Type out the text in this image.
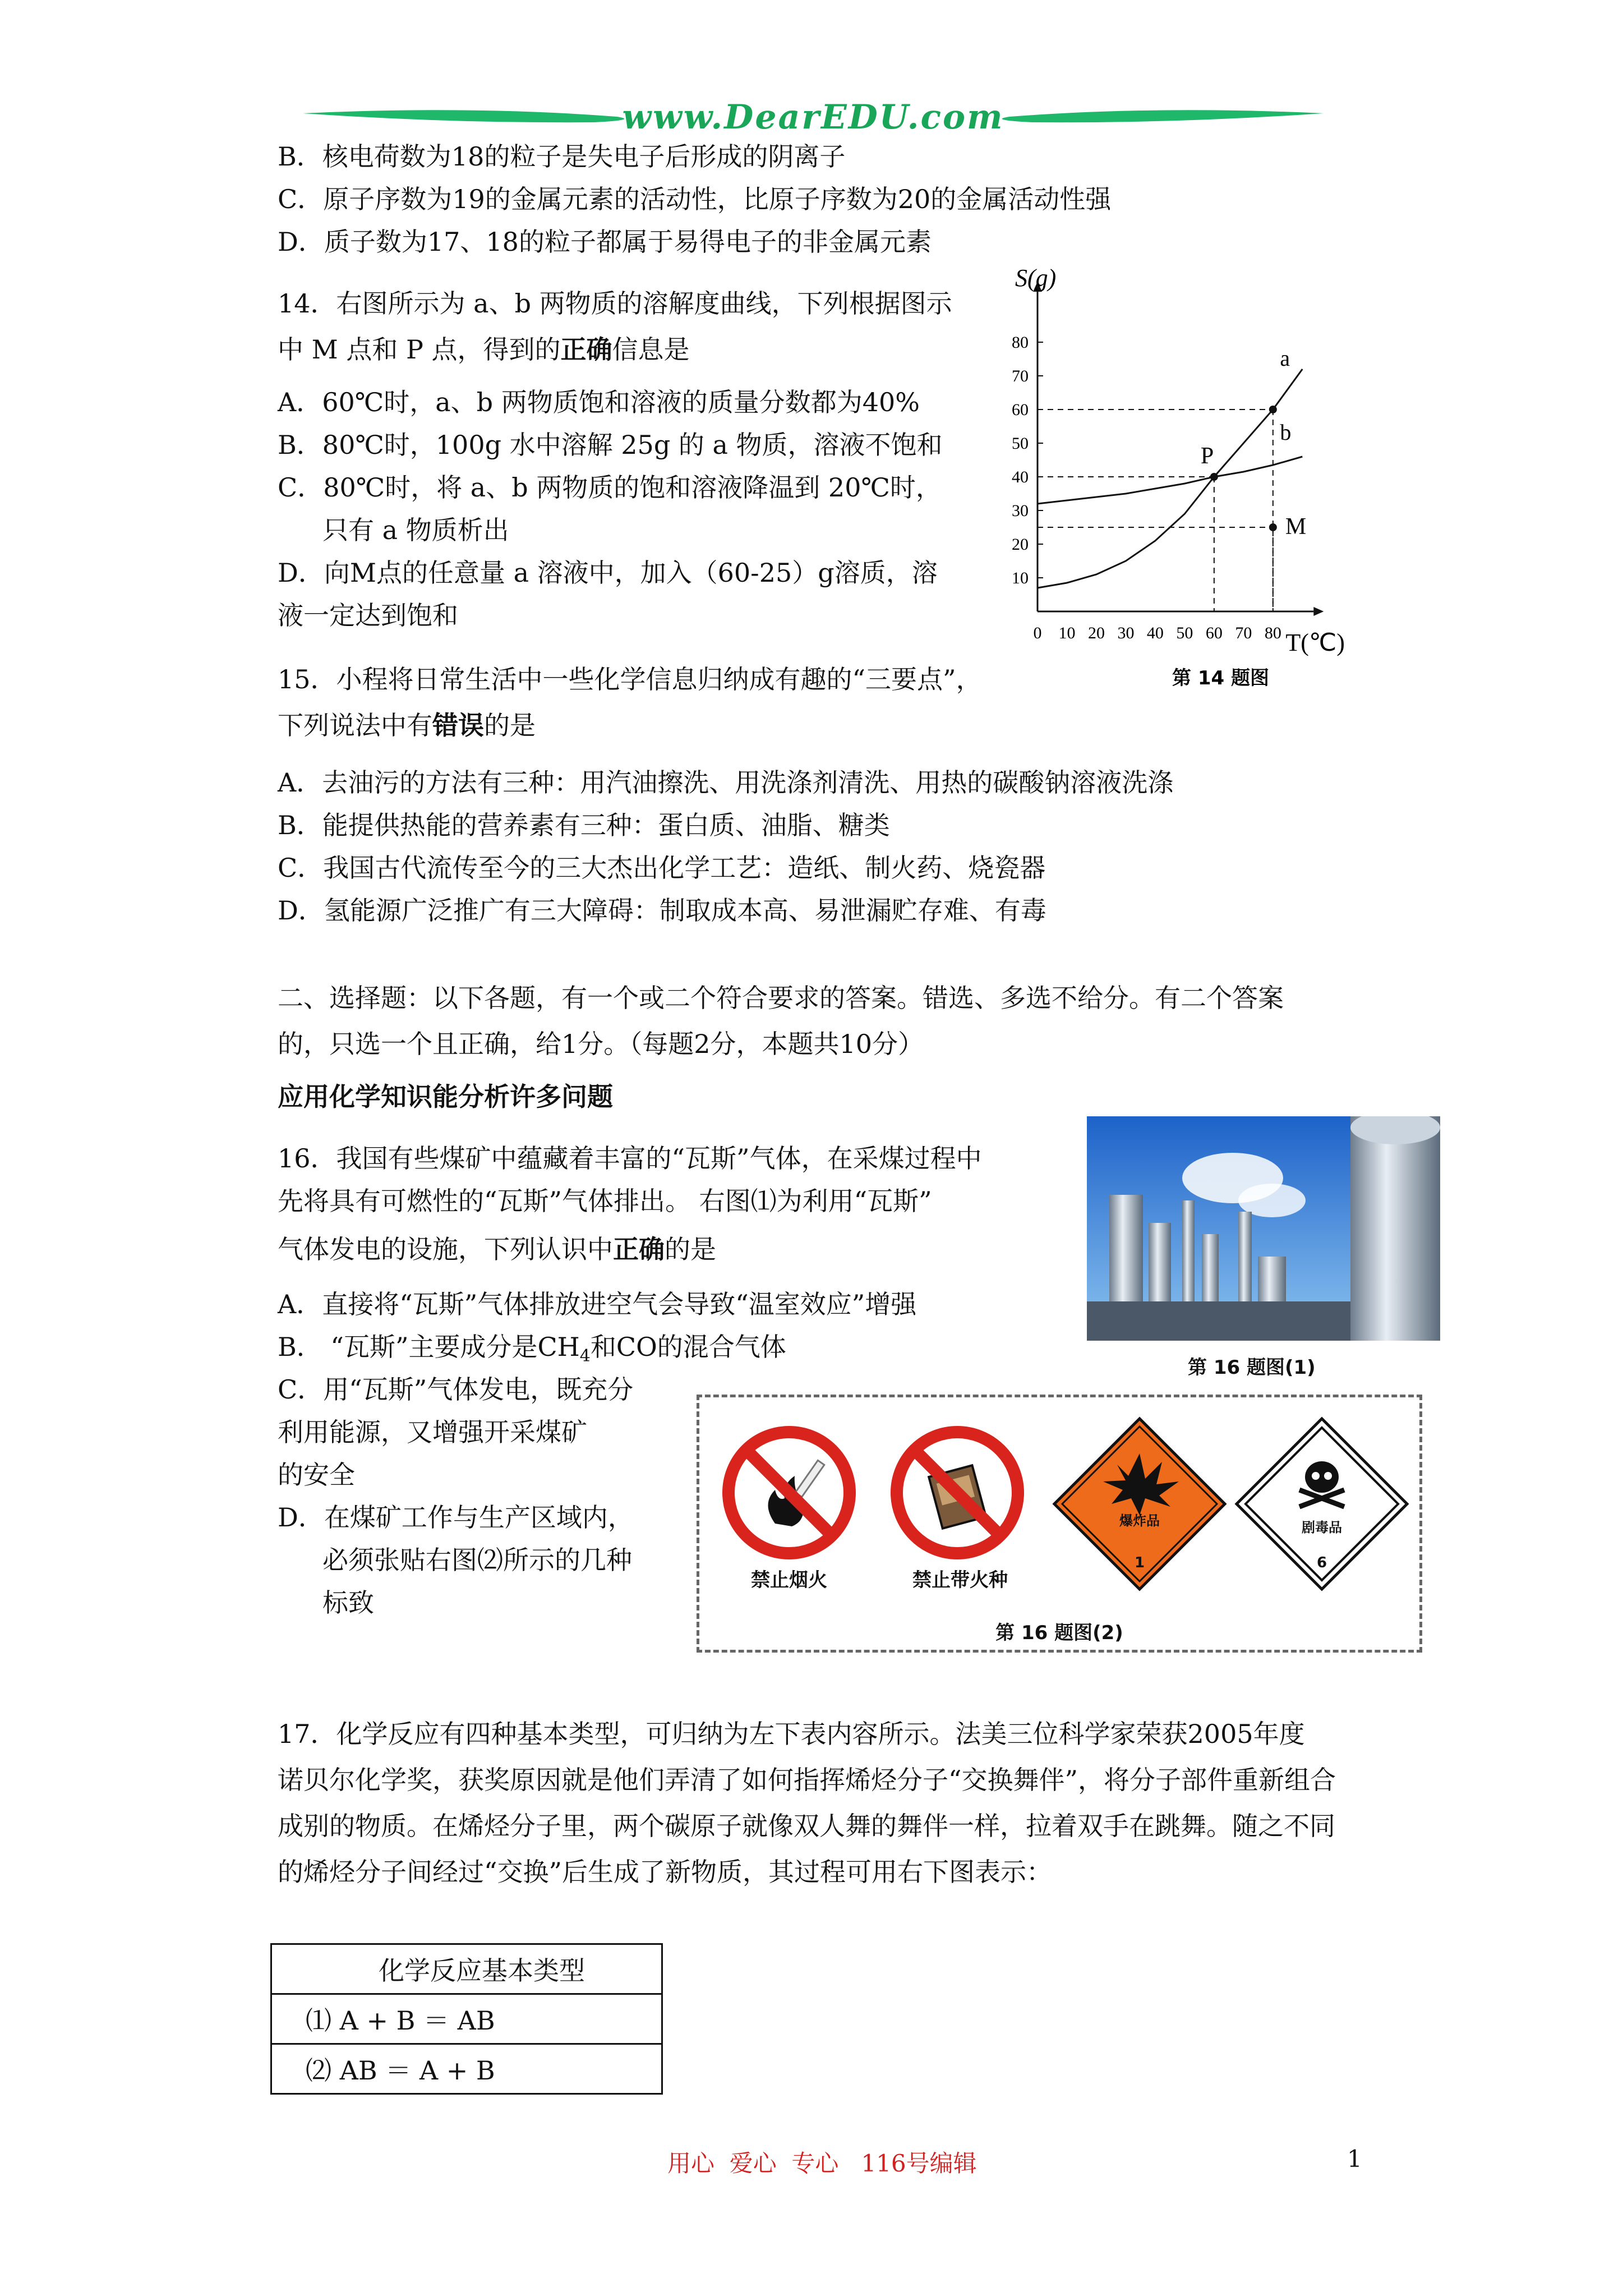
www.DearEDU.com
B．核电荷数为18的粒子是失电子后形成的阴离子
C．原子序数为19的金属元素的活动性，比原子序数为20的金属活动性强
D．质子数为17、18的粒子都属于易得电子的非金属元素
14．右图所示为 a、b 两物质的溶解度曲线，下列根据图示
中 M 点和 P 点，得到的正确信息是
A．60℃时，a、b 两物质饱和溶液的质量分数都为40%
B．80℃时，100g 水中溶解 25g 的 a 物质，溶液不饱和
C．80℃时，将 a、b 两物质的饱和溶液降温到 20℃时，
只有 a 物质析出
D．向M点的任意量 a 溶液中，加入（60-25）g溶质，溶
液一定达到饱和
S(g)
T(℃)
0 10 20 30 40 50 60 70 80
10
20
30
40
50
60
70
80
a
b
P
M
第 14 题图
15．小程将日常生活中一些化学信息归纳成有趣的“三要点”，
下列说法中有错误的是
A．去油污的方法有三种：用汽油擦洗、用洗涤剂清洗、用热的碳酸钠溶液洗涤
B．能提供热能的营养素有三种：蛋白质、油脂、糖类
C．我国古代流传至今的三大杰出化学工艺：造纸、制火药、烧瓷器
D．氢能源广泛推广有三大障碍：制取成本高、易泄漏贮存难、有毒
二、选择题：以下各题，有一个或二个符合要求的答案。错选、多选不给分。有二个答案
的，只选一个且正确，给1分。（每题2分，本题共10分）
应用化学知识能分析许多问题
16．我国有些煤矿中蕴藏着丰富的“瓦斯”气体，在采煤过程中
先将具有可燃性的“瓦斯”气体排出。 右图⑴为利用“瓦斯”
气体发电的设施，下列认识中正确的是
A．直接将“瓦斯”气体排放进空气会导致“温室效应”增强
B． “瓦斯”主要成分是$CH_4$和CO的混合气体
C．用“瓦斯”气体发电，既充分
利用能源，又增强开采煤矿
的安全
D．在煤矿工作与生产区域内，
必须张贴右图⑵所示的几种
标致
第 16 题图(1)
禁止烟火	禁止带火种
爆炸品
1
剧毒品
6
第 16 题图(2)
17．化学反应有四种基本类型，可归纳为左下表内容所示。法美三位科学家荣获2005年度
诺贝尔化学奖，获奖原因就是他们弄清了如何指挥烯烃分子“交换舞伴”，将分子部件重新组合
成别的物质。在烯烃分子里，两个碳原子就像双人舞的舞伴一样，拉着双手在跳舞。随之不同
的烯烃分子间经过“交换”后生成了新物质，其过程可用右下图表示：
化学反应基本类型
⑴ A + B ＝ AB
⑵ AB ＝ A + B
用心  爱心  专心   116号编辑	1
